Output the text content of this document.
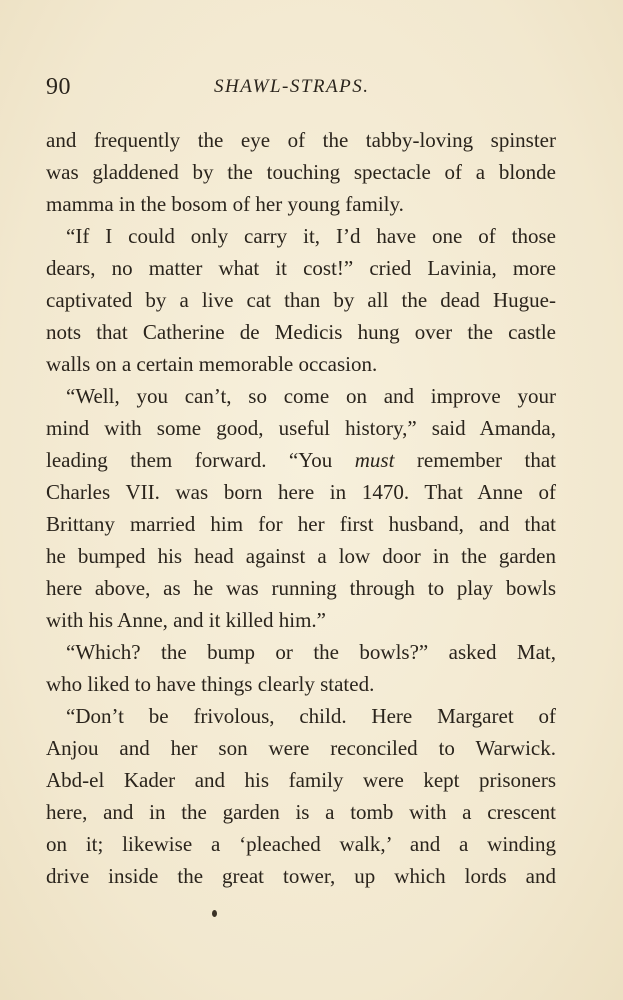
90	SHAWL-STRAPS.
and frequently the eye of the tabby-loving spinster
was gladdened by the touching spectacle of a blonde
mamma in the bosom of her young family.
“If I could only carry it, I’d have one of those
dears, no matter what it cost!” cried Lavinia, more
captivated by a live cat than by all the dead Hugue-
nots that Catherine de Medicis hung over the castle
walls on a certain memorable occasion.
“Well, you can’t, so come on and improve your
mind with some good, useful history,” said Amanda,
leading them forward. “You must remember that
Charles VII. was born here in 1470. That Anne of
Brittany married him for her first husband, and that
he bumped his head against a low door in the garden
here above, as he was running through to play bowls
with his Anne, and it killed him.”
“Which? the bump or the bowls?” asked Mat,
who liked to have things clearly stated.
“Don’t be frivolous, child. Here Margaret of
Anjou and her son were reconciled to Warwick.
Abd-el Kader and his family were kept prisoners
here, and in the garden is a tomb with a crescent
on it; likewise a ‘pleached walk,’ and a winding
drive inside the great tower, up which lords and
